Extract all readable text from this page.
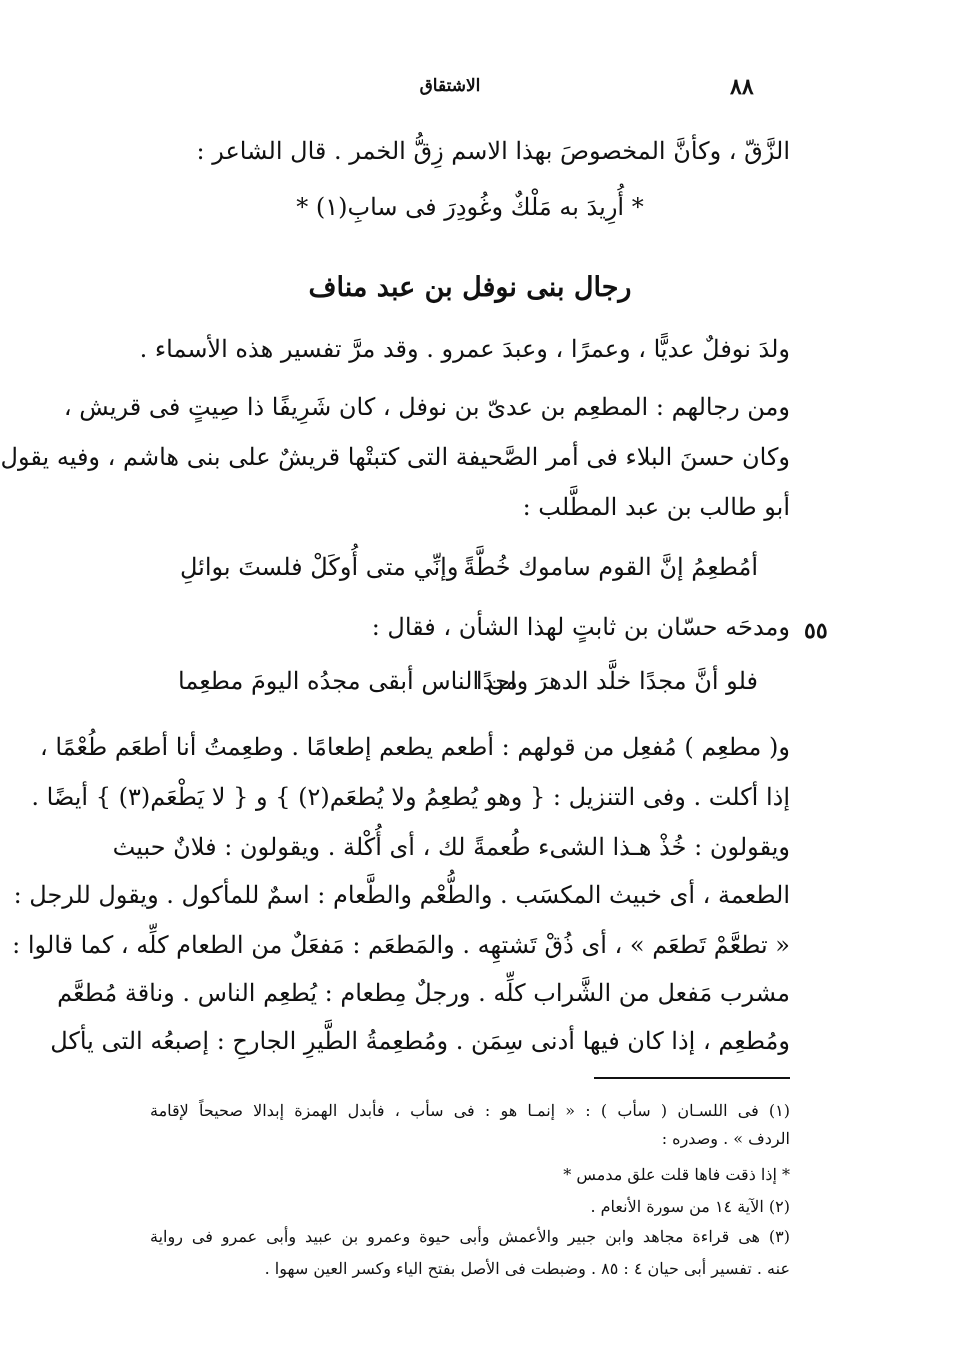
٨٨
الاشتقاق
الزَّقّ ، وكأنَّ المخصوصَ بهذا الاسم زِقُّ الخمر . قال الشاعر :
* أُرِيدَ به مَلْكٌ وغُودِرَ فى سابِ(١) *
رجال بنى نوفل بن عبد مناف
ولدَ نوفلٌ عديًّا ، وعمرًا ، وعبدَ عمرو . وقد مرَّ تفسير هذه الأسماء .
ومن رجالهم : المطعِم بن عدىّ بن نوفل ، كان شَرِيفًا ذا صِيتٍ فى قريش ،
وكان حسنَ البلاء فى أمر الصَّحيفة التى كتبتْها قريشٌ على بنى هاشم ، وفيه يقول
أبو طالب بن عبد المطَّلب :
أمُطعِمُ إنَّ القوم ساموك خُطَّةً
وإنِّي متى أُوكَلْ فلستَ بوائلِ
ومدحَه حسّان بن ثابتٍ لهذا الشأن ، فقال : ٥٥
فلو أنَّ مجدًا خلَّد الدهرَ واحدًا
من الناس أبقى مجدُه اليومَ مطعِما
و( مطعِم ) مُفعِل من قولهم : أطعم يطعم إطعامًا . وطعِمتُ أنا أطعَم طُعْمًا ،
إذا أكلت . وفى التنزيل : { وهو يُطعِمُ ولا يُطعَم(٢) } و { لا يَطْعَم(٣) } أيضًا .
ويقولون : خُذْ هـذا الشىء طُعمةً لك ، أى أُكْلة . ويقولون : فلانٌ حبيث
الطعمة ، أى خبيث المكسَب . والطُّعْم والطَّعام : اسمٌ للمأكول . ويقول للرجل :
« تطعَّمْ تَطعَم » ، أى ذُقْ تَشتهِه . والمَطعَم : مَفعَلٌ من الطعام كلِّه ، كما قالوا :
مشرب مَفعل من الشَّراب كلِّه . ورجلٌ مِطعام : يُطعِم الناس . وناقة مُطعَّم
ومُطعِم ، إذا كان فيها أدنى سِمَن . ومُطعِمةُ الطَّيرِ الجارحِ : إصبعُه التى يأكل
(١) فى اللسـان ( سأب ) : « إنمـا هو : فى سأب ، فأبدل الهمزة إبدالا صحيحاً لإقامة
الردف » . وصدره :
* إذا ذقت فاها قلت علق مدمس *
(٢) الآية ١٤ من سورة الأنعام .
(٣) هى قراءة مجاهد وابن جبير والأعمش وأبى حيوة وعمرو بن عبيد وأبى عمرو فى رواية
عنه . تفسير أبى حيان ٤ : ٨٥ . وضبطت فى الأصل بفتح الياء وكسر العين سهوا .
